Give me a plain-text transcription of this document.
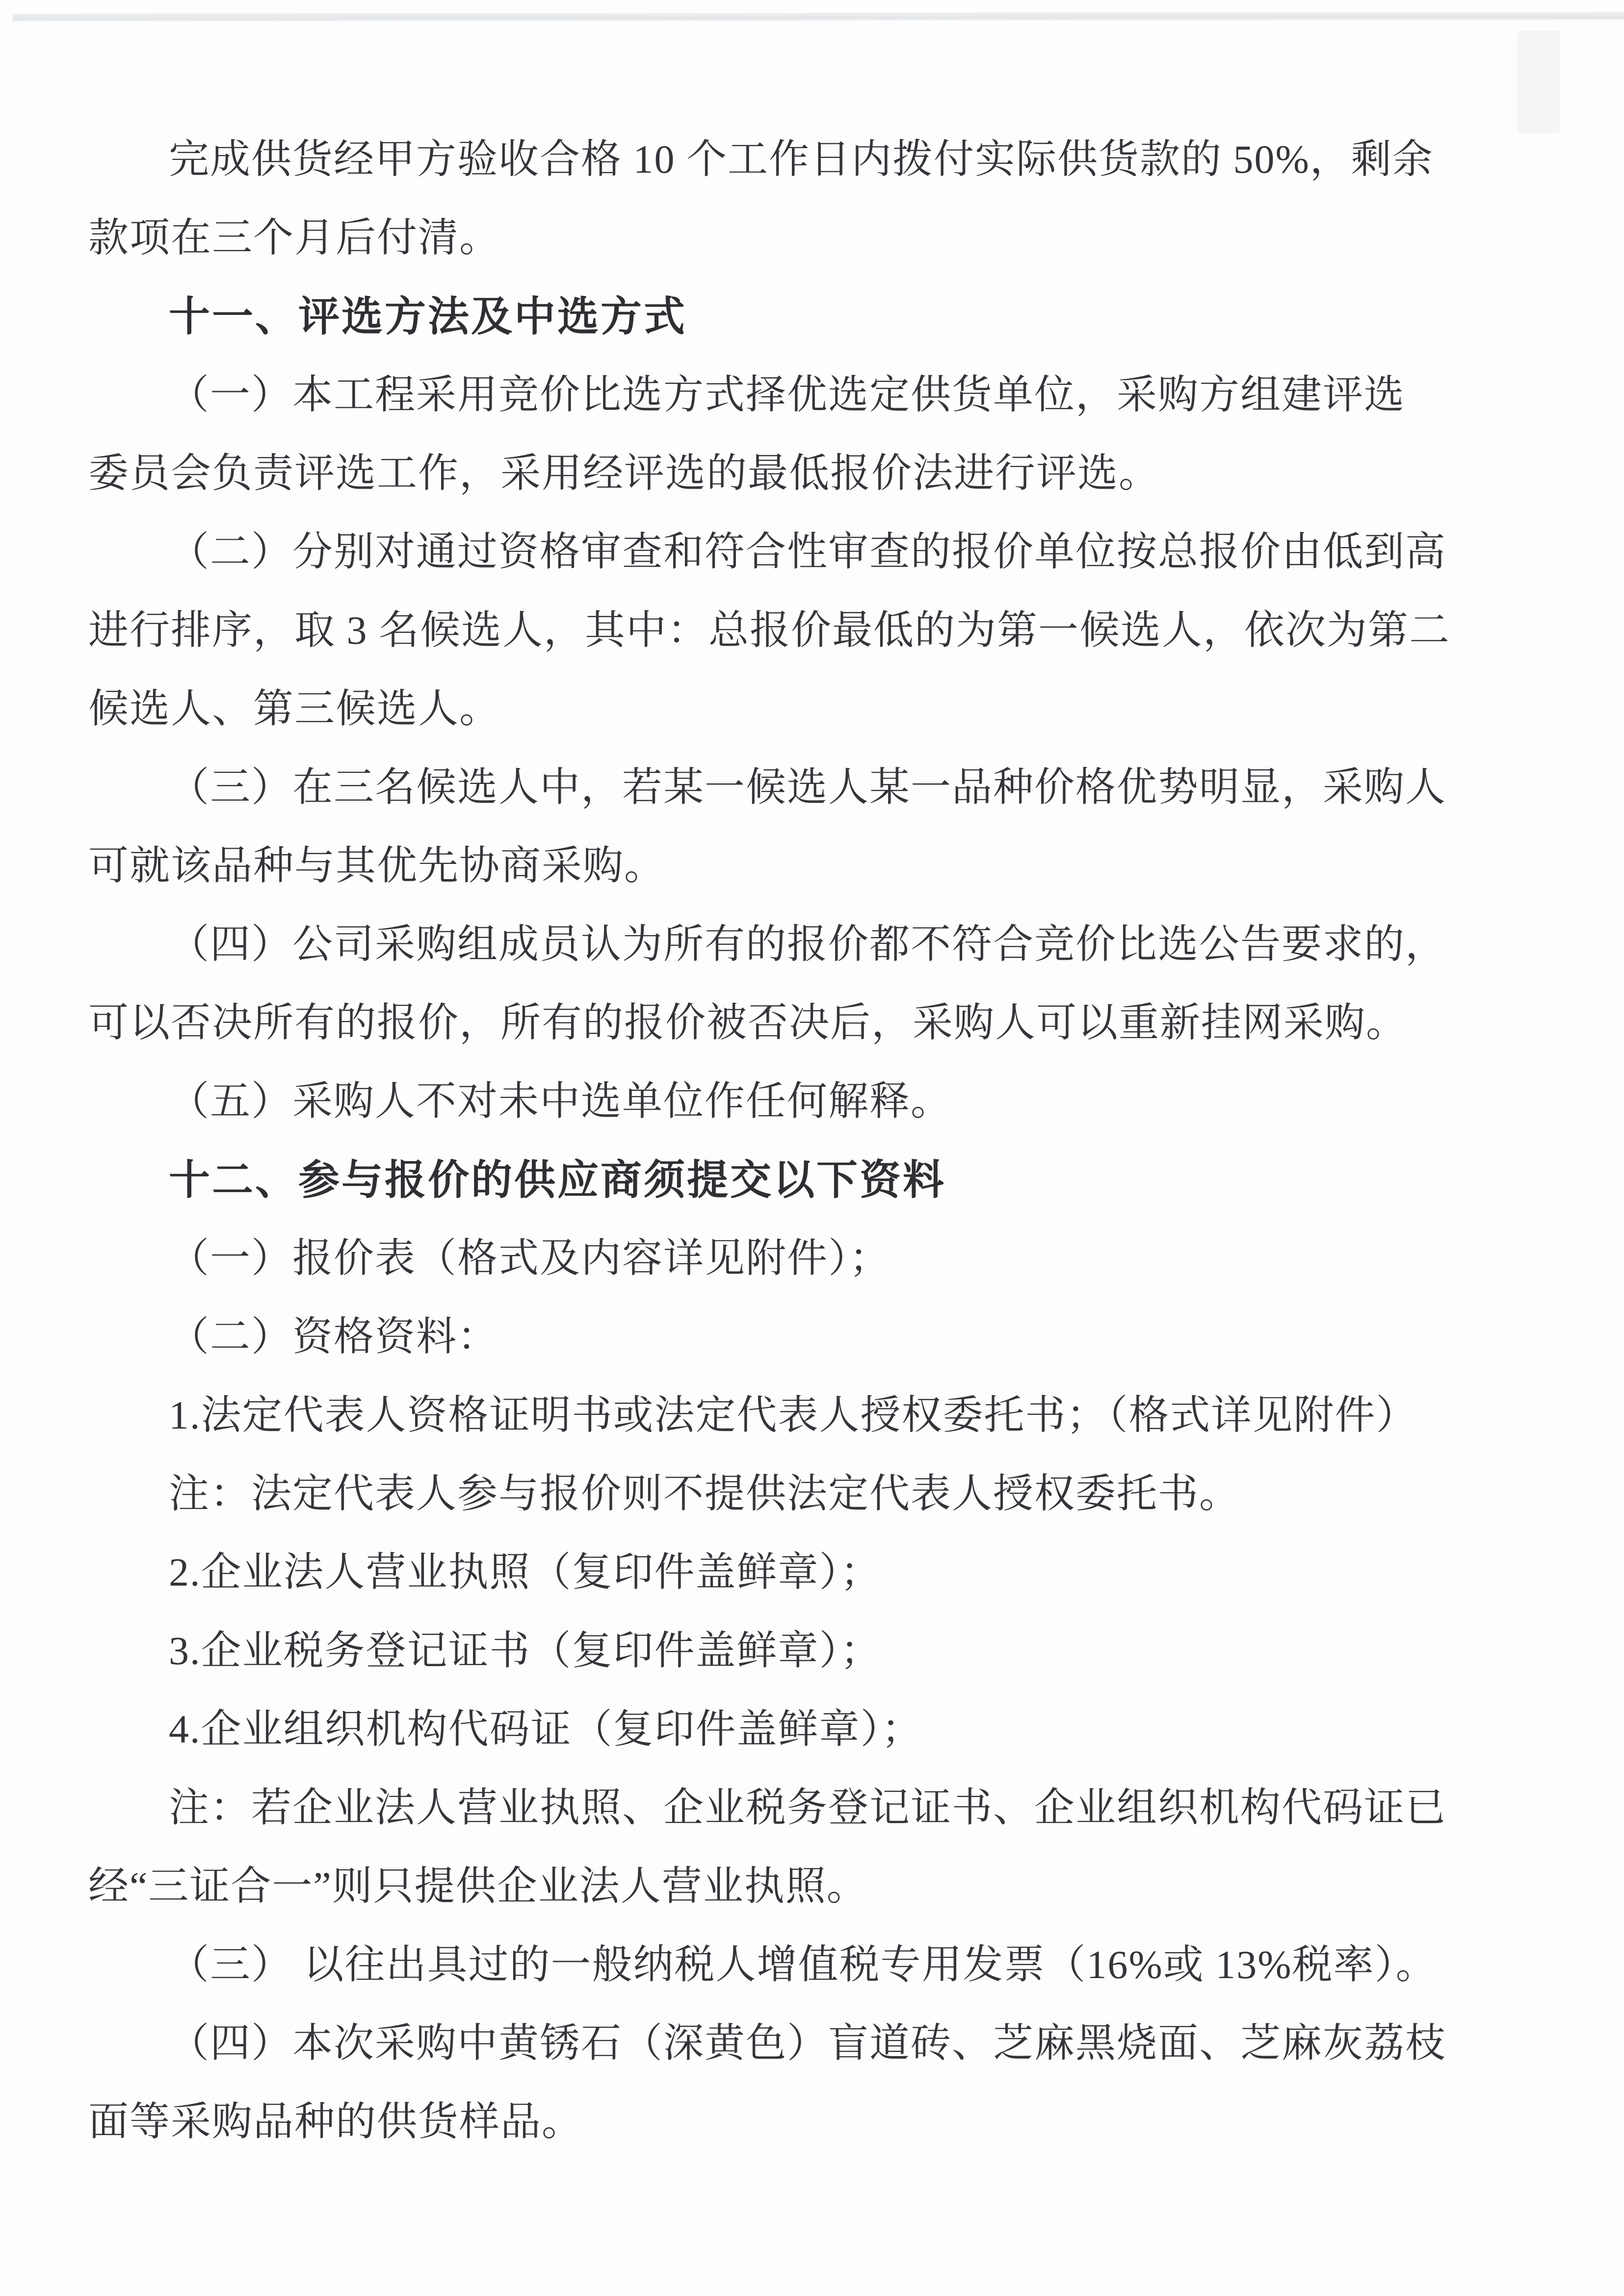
完成供货经甲方验收合格 10 个工作日内拨付实际供货款的 50%，剩余
款项在三个月后付清。
十一、评选方法及中选方式
（一）本工程采用竞价比选方式择优选定供货单位，采购方组建评选
委员会负责评选工作，采用经评选的最低报价法进行评选。
（二）分别对通过资格审查和符合性审查的报价单位按总报价由低到高
进行排序，取 3 名候选人，其中：总报价最低的为第一候选人，依次为第二
候选人、第三候选人。
（三）在三名候选人中，若某一候选人某一品种价格优势明显，采购人
可就该品种与其优先协商采购。
（四）公司采购组成员认为所有的报价都不符合竞价比选公告要求的，
可以否决所有的报价，所有的报价被否决后，采购人可以重新挂网采购。
（五）采购人不对未中选单位作任何解释。
十二、参与报价的供应商须提交以下资料
（一）报价表（格式及内容详见附件）；
（二）资格资料：
1.法定代表人资格证明书或法定代表人授权委托书；（格式详见附件）
注：法定代表人参与报价则不提供法定代表人授权委托书。
2.企业法人营业执照（复印件盖鲜章）；
3.企业税务登记证书（复印件盖鲜章）；
4.企业组织机构代码证（复印件盖鲜章）；
注：若企业法人营业执照、企业税务登记证书、企业组织机构代码证已
经“三证合一”则只提供企业法人营业执照。
（三） 以往出具过的一般纳税人增值税专用发票（16%或 13%税率）。
（四）本次采购中黄锈石（深黄色）盲道砖、芝麻黑烧面、芝麻灰荔枝
面等采购品种的供货样品。
